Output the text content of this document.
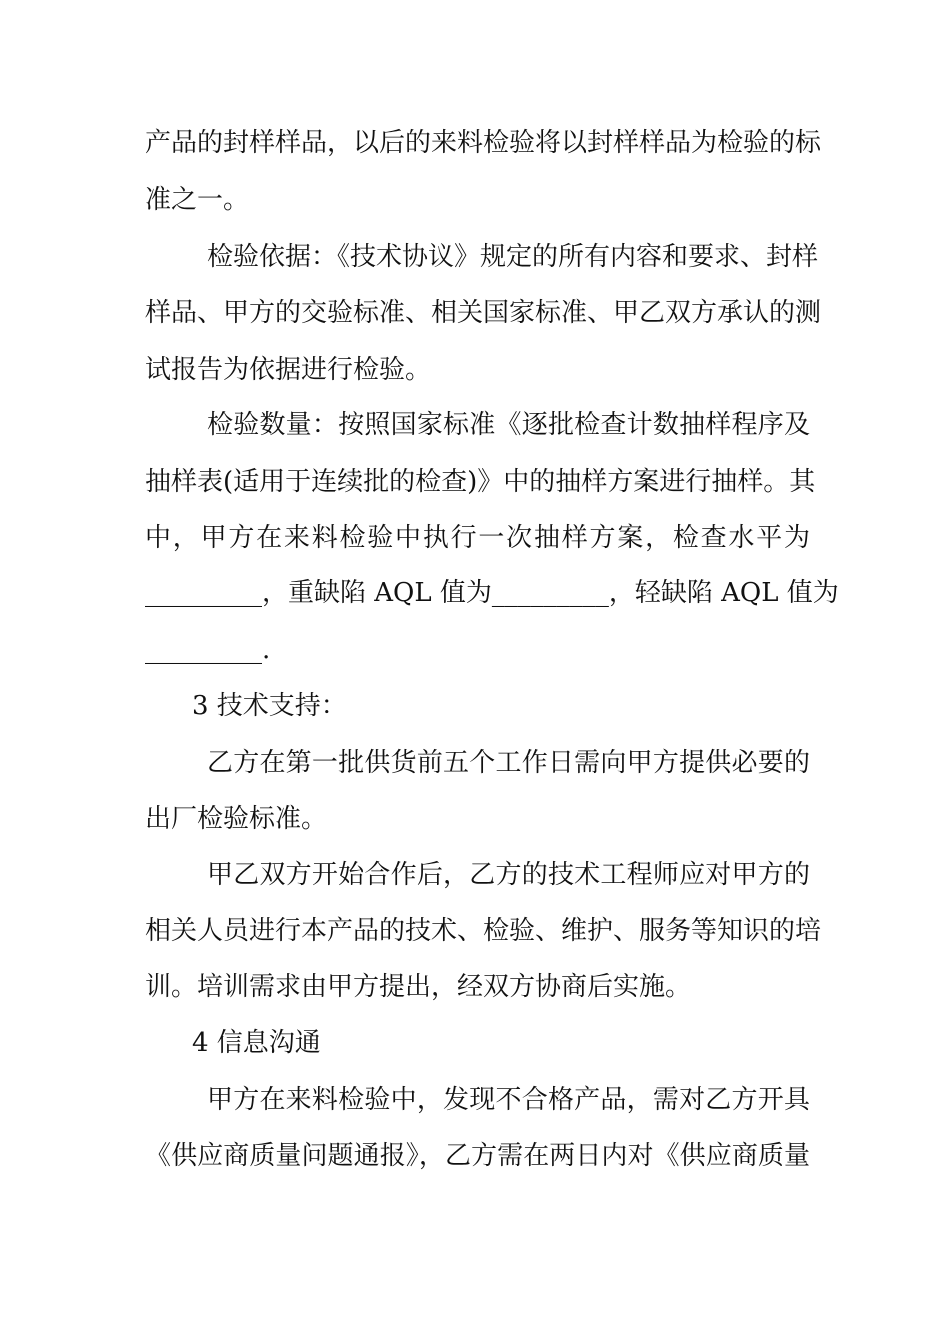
产品的封样样品，以后的来料检验将以封样样品为检验的标
准之一。
检验依据：《技术协议》规定的所有内容和要求、封样
样品、甲方的交验标准、相关国家标准、甲乙双方承认的测
试报告为依据进行检验。
检验数量：按照国家标准《逐批检查计数抽样程序及
抽样表(适用于连续批的检查)》中的抽样方案进行抽样。其
中，甲方在来料检验中执行一次抽样方案，检查水平为
_________，重缺陷 AQL 值为_________，轻缺陷 AQL 值为
_________.
3 技术支持：
乙方在第一批供货前五个工作日需向甲方提供必要的
出厂检验标准。
甲乙双方开始合作后，乙方的技术工程师应对甲方的
相关人员进行本产品的技术、检验、维护、服务等知识的培
训。培训需求由甲方提出，经双方协商后实施。
4 信息沟通
甲方在来料检验中，发现不合格产品，需对乙方开具
《供应商质量问题通报》，乙方需在两日内对《供应商质量
